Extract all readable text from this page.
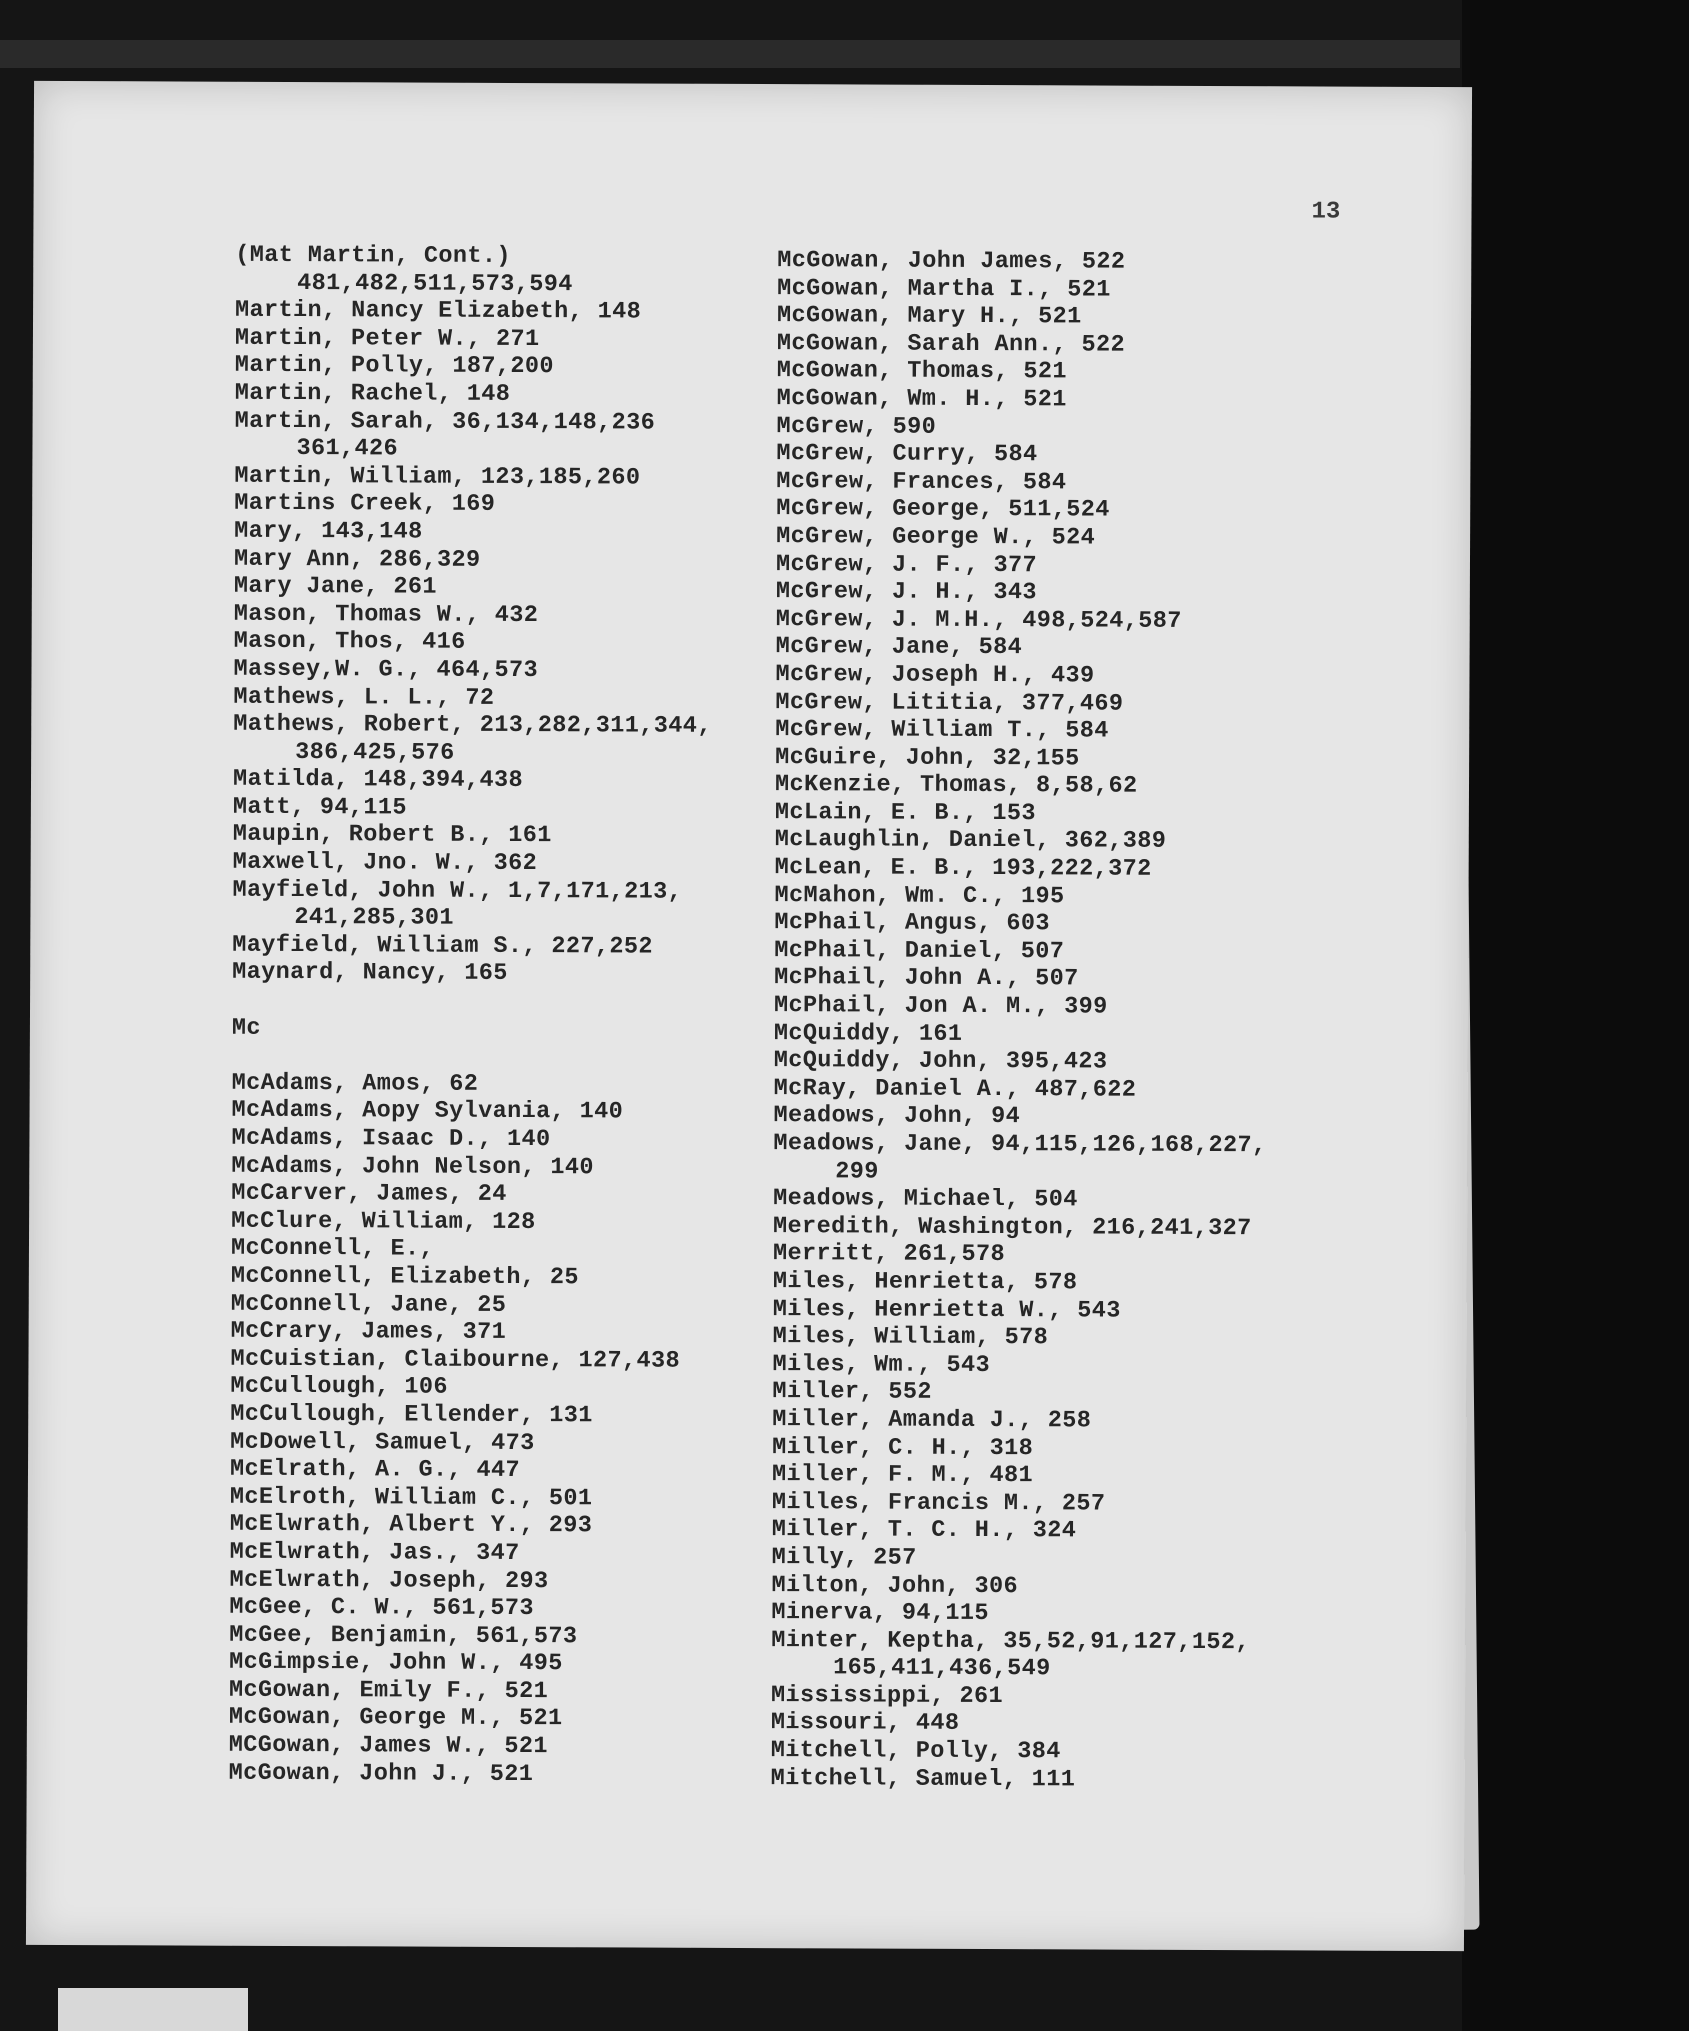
13
(Mat Martin, Cont.)
481,482,511,573,594
Martin, Nancy Elizabeth, 148
Martin, Peter W., 271
Martin, Polly, 187,200
Martin, Rachel, 148
Martin, Sarah, 36,134,148,236
361,426
Martin, William, 123,185,260
Martins Creek, 169
Mary, 143,148
Mary Ann, 286,329
Mary Jane, 261
Mason, Thomas W., 432
Mason, Thos, 416
Massey,W. G., 464,573
Mathews, L. L., 72
Mathews, Robert, 213,282,311,344,
386,425,576
Matilda, 148,394,438
Matt, 94,115
Maupin, Robert B., 161
Maxwell, Jno. W., 362
Mayfield, John W., 1,7,171,213,
241,285,301
Mayfield, William S., 227,252
Maynard, Nancy, 165
Mc
McAdams, Amos, 62
McAdams, Aopy Sylvania, 140
McAdams, Isaac D., 140
McAdams, John Nelson, 140
McCarver, James, 24
McClure, William, 128
McConnell, E.,
McConnell, Elizabeth, 25
McConnell, Jane, 25
McCrary, James, 371
McCuistian, Claibourne, 127,438
McCullough, 106
McCullough, Ellender, 131
McDowell, Samuel, 473
McElrath, A. G., 447
McElroth, William C., 501
McElwrath, Albert Y., 293
McElwrath, Jas., 347
McElwrath, Joseph, 293
McGee, C. W., 561,573
McGee, Benjamin, 561,573
McGimpsie, John W., 495
McGowan, Emily F., 521
McGowan, George M., 521
MCGowan, James W., 521
McGowan, John J., 521
McGowan, John James, 522
McGowan, Martha I., 521
McGowan, Mary H., 521
McGowan, Sarah Ann., 522
McGowan, Thomas, 521
McGowan, Wm. H., 521
McGrew, 590
McGrew, Curry, 584
McGrew, Frances, 584
McGrew, George, 511,524
McGrew, George W., 524
McGrew, J. F., 377
McGrew, J. H., 343
McGrew, J. M.H., 498,524,587
McGrew, Jane, 584
McGrew, Joseph H., 439
McGrew, Lititia, 377,469
McGrew, William T., 584
McGuire, John, 32,155
McKenzie, Thomas, 8,58,62
McLain, E. B., 153
McLaughlin, Daniel, 362,389
McLean, E. B., 193,222,372
McMahon, Wm. C., 195
McPhail, Angus, 603
McPhail, Daniel, 507
McPhail, John A., 507
McPhail, Jon A. M., 399
McQuiddy, 161
McQuiddy, John, 395,423
McRay, Daniel A., 487,622
Meadows, John, 94
Meadows, Jane, 94,115,126,168,227,
299
Meadows, Michael, 504
Meredith, Washington, 216,241,327
Merritt, 261,578
Miles, Henrietta, 578
Miles, Henrietta W., 543
Miles, William, 578
Miles, Wm., 543
Miller, 552
Miller, Amanda J., 258
Miller, C. H., 318
Miller, F. M., 481
Milles, Francis M., 257
Miller, T. C. H., 324
Milly, 257
Milton, John, 306
Minerva, 94,115
Minter, Keptha, 35,52,91,127,152,
165,411,436,549
Mississippi, 261
Missouri, 448
Mitchell, Polly, 384
Mitchell, Samuel, 111
